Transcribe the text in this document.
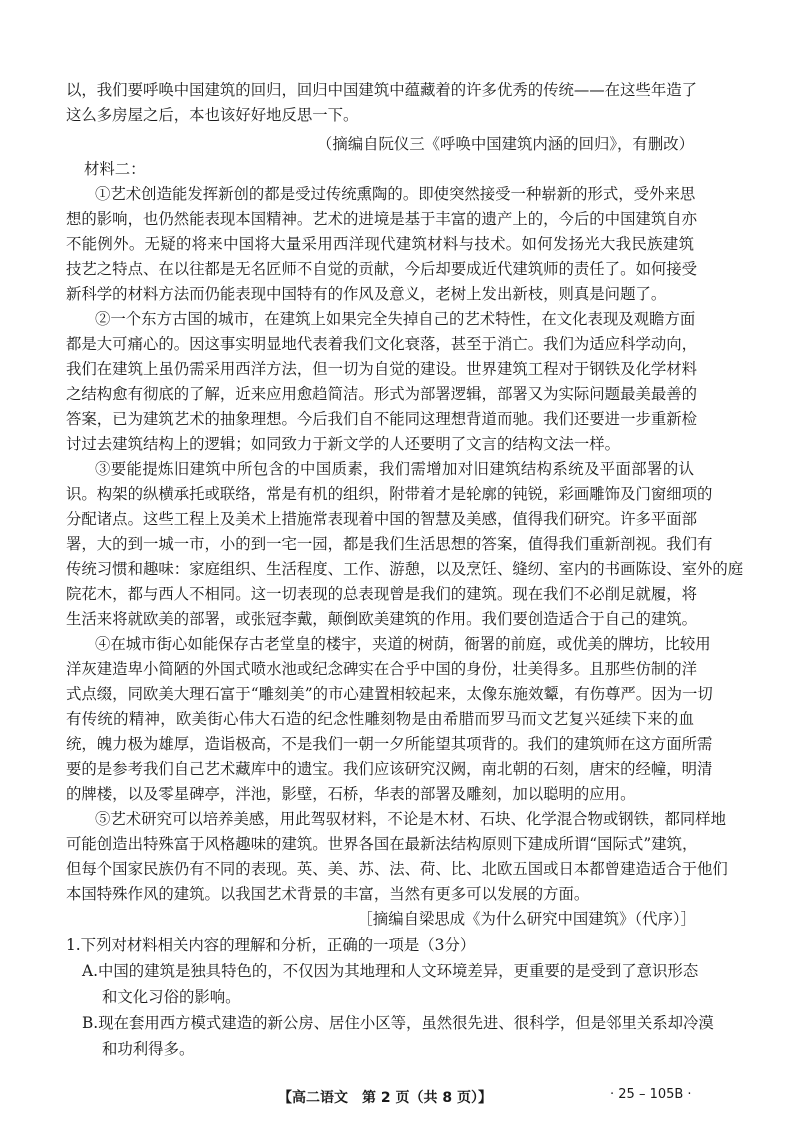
以，我们要呼唤中国建筑的回归，回归中国建筑中蕴藏着的许多优秀的传统——在这些年造了
这么多房屋之后，本也该好好地反思一下。
（摘编自阮仪三《呼唤中国建筑内涵的回归》，有删改）
材料二：
①艺术创造能发挥新创的都是受过传统熏陶的。即使突然接受一种崭新的形式，受外来思
想的影响，也仍然能表现本国精神。艺术的进境是基于丰富的遗产上的，今后的中国建筑自亦
不能例外。无疑的将来中国将大量采用西洋现代建筑材料与技术。如何发扬光大我民族建筑
技艺之特点、在以往都是无名匠师不自觉的贡献，今后却要成近代建筑师的责任了。如何接受
新科学的材料方法而仍能表现中国特有的作风及意义，老树上发出新枝，则真是问题了。
②一个东方古国的城市，在建筑上如果完全失掉自己的艺术特性，在文化表现及观瞻方面
都是大可痛心的。因这事实明显地代表着我们文化衰落，甚至于消亡。我们为适应科学动向，
我们在建筑上虽仍需采用西洋方法，但一切为自觉的建设。世界建筑工程对于钢铁及化学材料
之结构愈有彻底的了解，近来应用愈趋简洁。形式为部署逻辑，部署又为实际问题最美最善的
答案，已为建筑艺术的抽象理想。今后我们自不能同这理想背道而驰。我们还要进一步重新检
讨过去建筑结构上的逻辑；如同致力于新文学的人还要明了文言的结构文法一样。
③要能提炼旧建筑中所包含的中国质素，我们需增加对旧建筑结构系统及平面部署的认
识。构架的纵横承托或联络，常是有机的组织，附带着才是轮廓的钝锐，彩画雕饰及门窗细项的
分配诸点。这些工程上及美术上措施常表现着中国的智慧及美感，值得我们研究。许多平面部
署，大的到一城一市，小的到一宅一园，都是我们生活思想的答案，值得我们重新剖视。我们有
传统习惯和趣味：家庭组织、生活程度、工作、游憩，以及烹饪、缝纫、室内的书画陈设、室外的庭
院花木，都与西人不相同。这一切表现的总表现曾是我们的建筑。现在我们不必削足就履，将
生活来将就欧美的部署，或张冠李戴，颠倒欧美建筑的作用。我们要创造适合于自己的建筑。
④在城市街心如能保存古老堂皇的楼宇，夹道的树荫，衙署的前庭，或优美的牌坊，比较用
洋灰建造卑小简陋的外国式喷水池或纪念碑实在合乎中国的身份，壮美得多。且那些仿制的洋
式点缀，同欧美大理石富于“雕刻美”的市心建置相较起来，太像东施效颦，有伤尊严。因为一切
有传统的精神，欧美街心伟大石造的纪念性雕刻物是由希腊而罗马而文艺复兴延续下来的血
统，魄力极为雄厚，造诣极高，不是我们一朝一夕所能望其项背的。我们的建筑师在这方面所需
要的是参考我们自己艺术藏库中的遗宝。我们应该研究汉阙，南北朝的石刻，唐宋的经幢，明清
的牌楼，以及零星碑亭，泮池，影壁，石桥，华表的部署及雕刻，加以聪明的应用。
⑤艺术研究可以培养美感，用此驾驭材料，不论是木材、石块、化学混合物或钢铁，都同样地
可能创造出特殊富于风格趣味的建筑。世界各国在最新法结构原则下建成所谓“国际式”建筑，
但每个国家民族仍有不同的表现。英、美、苏、法、荷、比、北欧五国或日本都曾建造适合于他们
本国特殊作风的建筑。以我国艺术背景的丰富，当然有更多可以发展的方面。
［摘编自梁思成《为什么研究中国建筑》（代序）］
1.下列对材料相关内容的理解和分析，正确的一项是（3分）
A.中国的建筑是独具特色的，不仅因为其地理和人文环境差异，更重要的是受到了意识形态
和文化习俗的影响。
B.现在套用西方模式建造的新公房、居住小区等，虽然很先进、很科学，但是邻里关系却冷漠
和功利得多。
【高二语文　第 2 页（共 8 页）】	· 25 – 105B ·
